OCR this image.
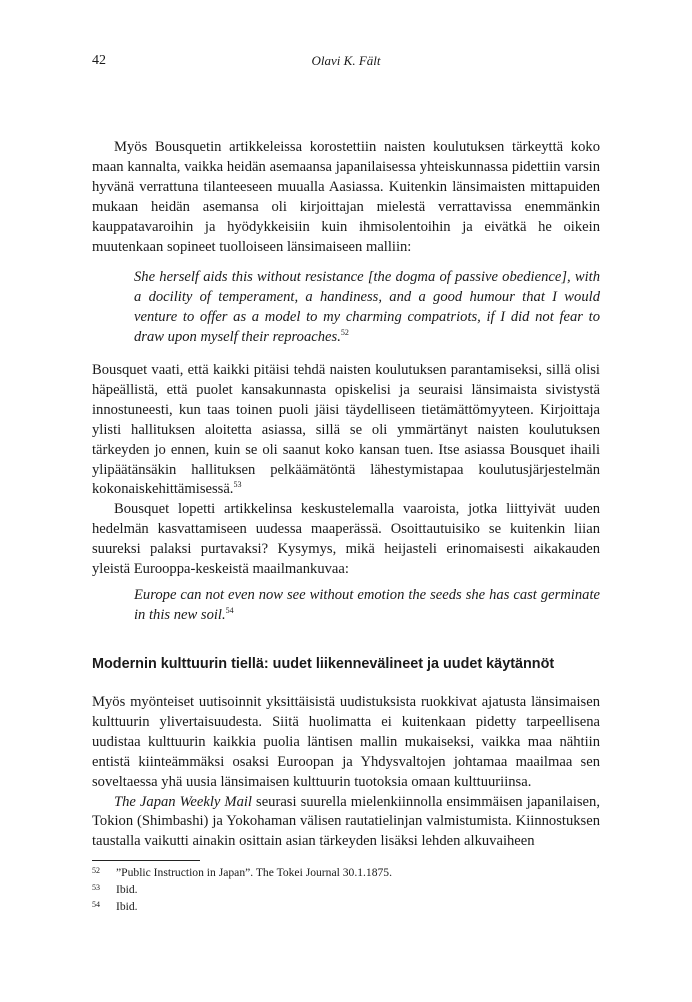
42	Olavi K. Fält

Myös Bousquetin artikkeleissa korostettiin naisten koulutuksen tärkeyttä koko maan kannalta, vaikka heidän asemaansa japanilaisessa yhteiskunnassa pidettiin varsin hyvänä verrattuna tilanteeseen muualla Aasiassa. Kuitenkin länsimaisten mittapuiden mukaan heidän asemansa oli kirjoittajan mielestä verrattavissa enemmänkin kauppatavaroihin ja hyödykkeisiin kuin ihmisolentoihin ja eivätkä he oikein muutenkaan sopineet tuolloiseen länsimaiseen malliin:

She herself aids this without resistance [the dogma of passive obedience], with a docility of temperament, a handiness, and a good humour that I would venture to offer as a model to my charming compatriots, if I did not fear to draw upon myself their reproaches.$^{52}$

Bousquet vaati, että kaikki pitäisi tehdä naisten koulutuksen parantamiseksi, sillä olisi häpeällistä, että puolet kansakunnasta opiskelisi ja seuraisi länsimaista sivistystä innostuneesti, kun taas toinen puoli jäisi täydelliseen tietämättömyyteen. Kirjoittaja ylisti hallituksen aloitetta asiassa, sillä se oli ymmärtänyt naisten koulutuksen tärkeyden jo ennen, kuin se oli saanut koko kansan tuen. Itse asiassa Bousquet ihaili ylipäätänsäkin hallituksen pelkäämätöntä lähestymistapaa koulutusjärjestelmän kokonaiskehittämisessä.$^{53}$

Bousquet lopetti artikkelinsa keskustelemalla vaaroista, jotka liittyivät uuden hedelmän kasvattamiseen uudessa maaperässä. Osoittautuisiko se kuitenkin liian suureksi palaksi purtavaksi? Kysymys, mikä heijasteli erinomaisesti aikakauden yleistä Eurooppa-keskeistä maailmankuvaa:

Europe can not even now see without emotion the seeds she has cast germinate in this new soil.$^{54}$
Modernin kulttuurin tiellä: uudet liikennevälineet ja uudet käytännöt

Myös myönteiset uutisoinnit yksittäisistä uudistuksista ruokkivat ajatusta länsimaisen kulttuurin ylivertaisuudesta. Siitä huolimatta ei kuitenkaan pidetty tarpeellisena uudistaa kulttuurin kaikkia puolia läntisen mallin mukaiseksi, vaikka maa nähtiin entistä kiinteämmäksi osaksi Euroopan ja Yhdysvaltojen johtamaa maailmaa sen soveltaessa yhä uusia länsimaisen kulttuurin tuotoksia omaan kulttuuriinsa.

The Japan Weekly Mail seurasi suurella mielenkiinnolla ensimmäisen japanilaisen, Tokion (Shimbashi) ja Yokohaman välisen rautatielinjan valmistumista. Kiinnostuksen taustalla vaikutti ainakin osittain asian tärkeyden lisäksi lehden alkuvaiheen

52 ”Public Instruction in Japan”. The Tokei Journal 30.1.1875.
53 Ibid.
54 Ibid.
